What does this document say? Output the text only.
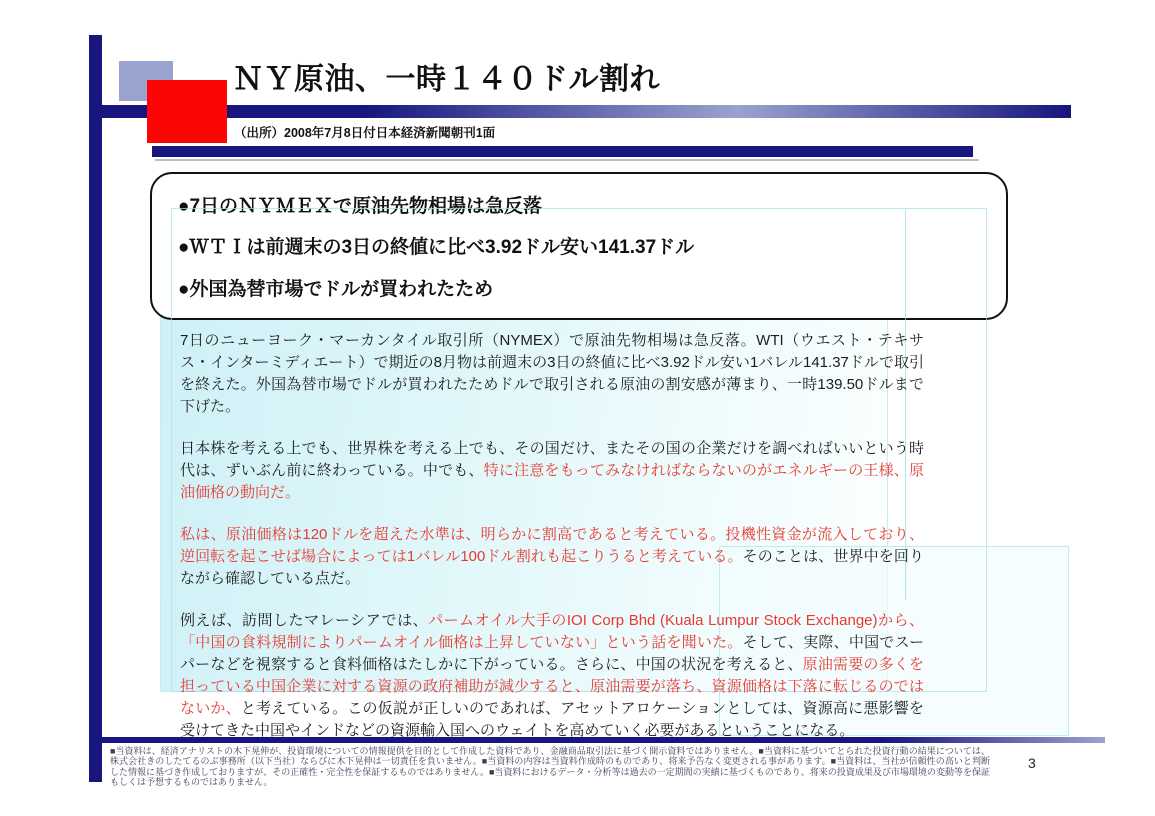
ＮＹ原油、一時１４０ドル割れ
（出所）2008年7月8日付日本経済新聞朝刊1面
●7日のＮＹＭＥＸで原油先物相場は急反落
●ＷＴＩは前週末の3日の終値に比べ3.92ドル安い141.37ドル
●外国為替市場でドルが買われたため

7日のニューヨーク・マーカンタイル取引所（NYMEX）で原油先物相場は急反落。WTI（ウエスト・テキサス・インターミディエート）で期近の8月物は前週末の3日の終値に比べ3.92ドル安い1バレル141.37ドルで取引を終えた。外国為替市場でドルが買われたためドルで取引される原油の割安感が薄まり、一時139.50ドルまで下げた。

日本株を考える上でも、世界株を考える上でも、その国だけ、またその国の企業だけを調べればいいという時代は、ずいぶん前に終わっている。中でも、特に注意をもってみなければならないのがエネルギーの王様、原油価格の動向だ。

私は、原油価格は120ドルを超えた水準は、明らかに割高であると考えている。投機性資金が流入しており、逆回転を起こせば場合によっては1バレル100ドル割れも起こりうると考えている。そのことは、世界中を回りながら確認している点だ。

例えば、訪問したマレーシアでは、パームオイル大手のIOI Corp Bhd (Kuala Lumpur Stock Exchange)から、「中国の食料規制によりパームオイル価格は上昇していない」という話を聞いた。そして、実際、中国でスーパーなどを視察すると食料価格はたしかに下がっている。さらに、中国の状況を考えると、原油需要の多くを担っている中国企業に対する資源の政府補助が減少すると、原油需要が落ち、資源価格は下落に転じるのではないか、と考えている。この仮説が正しいのであれば、アセットアロケーションとしては、資源高に悪影響を受けてきた中国やインドなどの資源輸入国へのウェイトを高めていく必要があるということになる。

■当資料は、経済アナリストの木下晃伸が、投資環境についての情報提供を目的として作成した資料であり、金融商品取引法に基づく開示資料ではありません。■当資料に基づいてとられた投資行動の結果については、株式会社きのしたてるのぶ事務所（以下当社）ならびに木下晃伸は一切責任を負いません。■当資料の内容は当資料作成時のものであり、将来予告なく変更される事があります。■当資料は、当社が信頼性の高いと判断した情報に基づき作成しておりますが、その正確性・完全性を保証するものではありません。■当資料におけるデータ・分析等は過去の一定期間の実績に基づくものであり、将来の投資成果及び市場環境の変動等を保証もしくは予想するものではありません。
3
